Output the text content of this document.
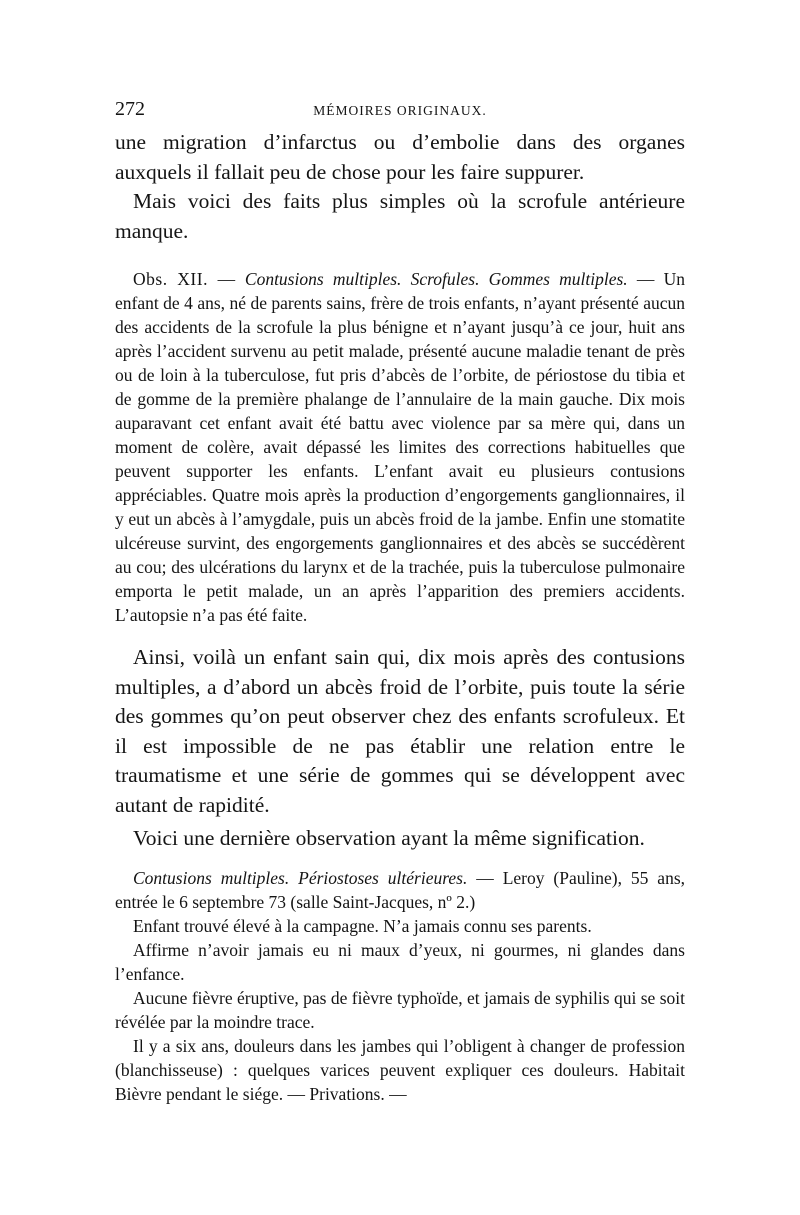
272	MÉMOIRES ORIGINAUX.

une migration d’infarctus ou d’embolie dans des organes auxquels il fallait peu de chose pour les faire suppurer.

Mais voici des faits plus simples où la scrofule antérieure manque.

Obs. XII. — Contusions multiples. Scrofules. Gommes multiples. — Un enfant de 4 ans, né de parents sains, frère de trois enfants, n’ayant présenté aucun des accidents de la scrofule la plus bénigne et n’ayant jusqu’à ce jour, huit ans après l’accident survenu au petit malade, présenté aucune maladie tenant de près ou de loin à la tuberculose, fut pris d’abcès de l’orbite, de périostose du tibia et de gomme de la première phalange de l’annulaire de la main gauche. Dix mois auparavant cet enfant avait été battu avec violence par sa mère qui, dans un moment de colère, avait dépassé les limites des corrections habituelles que peuvent supporter les enfants. L’enfant avait eu plusieurs contusions appréciables. Quatre mois après la production d’engorgements ganglionnaires, il y eut un abcès à l’amygdale, puis un abcès froid de la jambe. Enfin une stomatite ulcéreuse survint, des engorgements ganglionnaires et des abcès se succédèrent au cou; des ulcérations du larynx et de la trachée, puis la tuberculose pulmonaire emporta le petit malade, un an après l’apparition des premiers accidents. L’autopsie n’a pas été faite.

Ainsi, voilà un enfant sain qui, dix mois après des contusions multiples, a d’abord un abcès froid de l’orbite, puis toute la série des gommes qu’on peut observer chez des enfants scrofuleux. Et il est impossible de ne pas établir une relation entre le traumatisme et une série de gommes qui se développent avec autant de rapidité.

Voici une dernière observation ayant la même signification.

Contusions multiples. Périostoses ultérieures. — Leroy (Pauline), 55 ans, entrée le 6 septembre 73 (salle Saint-Jacques, nº 2.)

Enfant trouvé élevé à la campagne. N’a jamais connu ses parents.

Affirme n’avoir jamais eu ni maux d’yeux, ni gourmes, ni glandes dans l’enfance.

Aucune fièvre éruptive, pas de fièvre typhoïde, et jamais de syphilis qui se soit révélée par la moindre trace.

Il y a six ans, douleurs dans les jambes qui l’obligent à changer de profession (blanchisseuse) : quelques varices peuvent expliquer ces douleurs. Habitait Bièvre pendant le siége. — Privations. —
